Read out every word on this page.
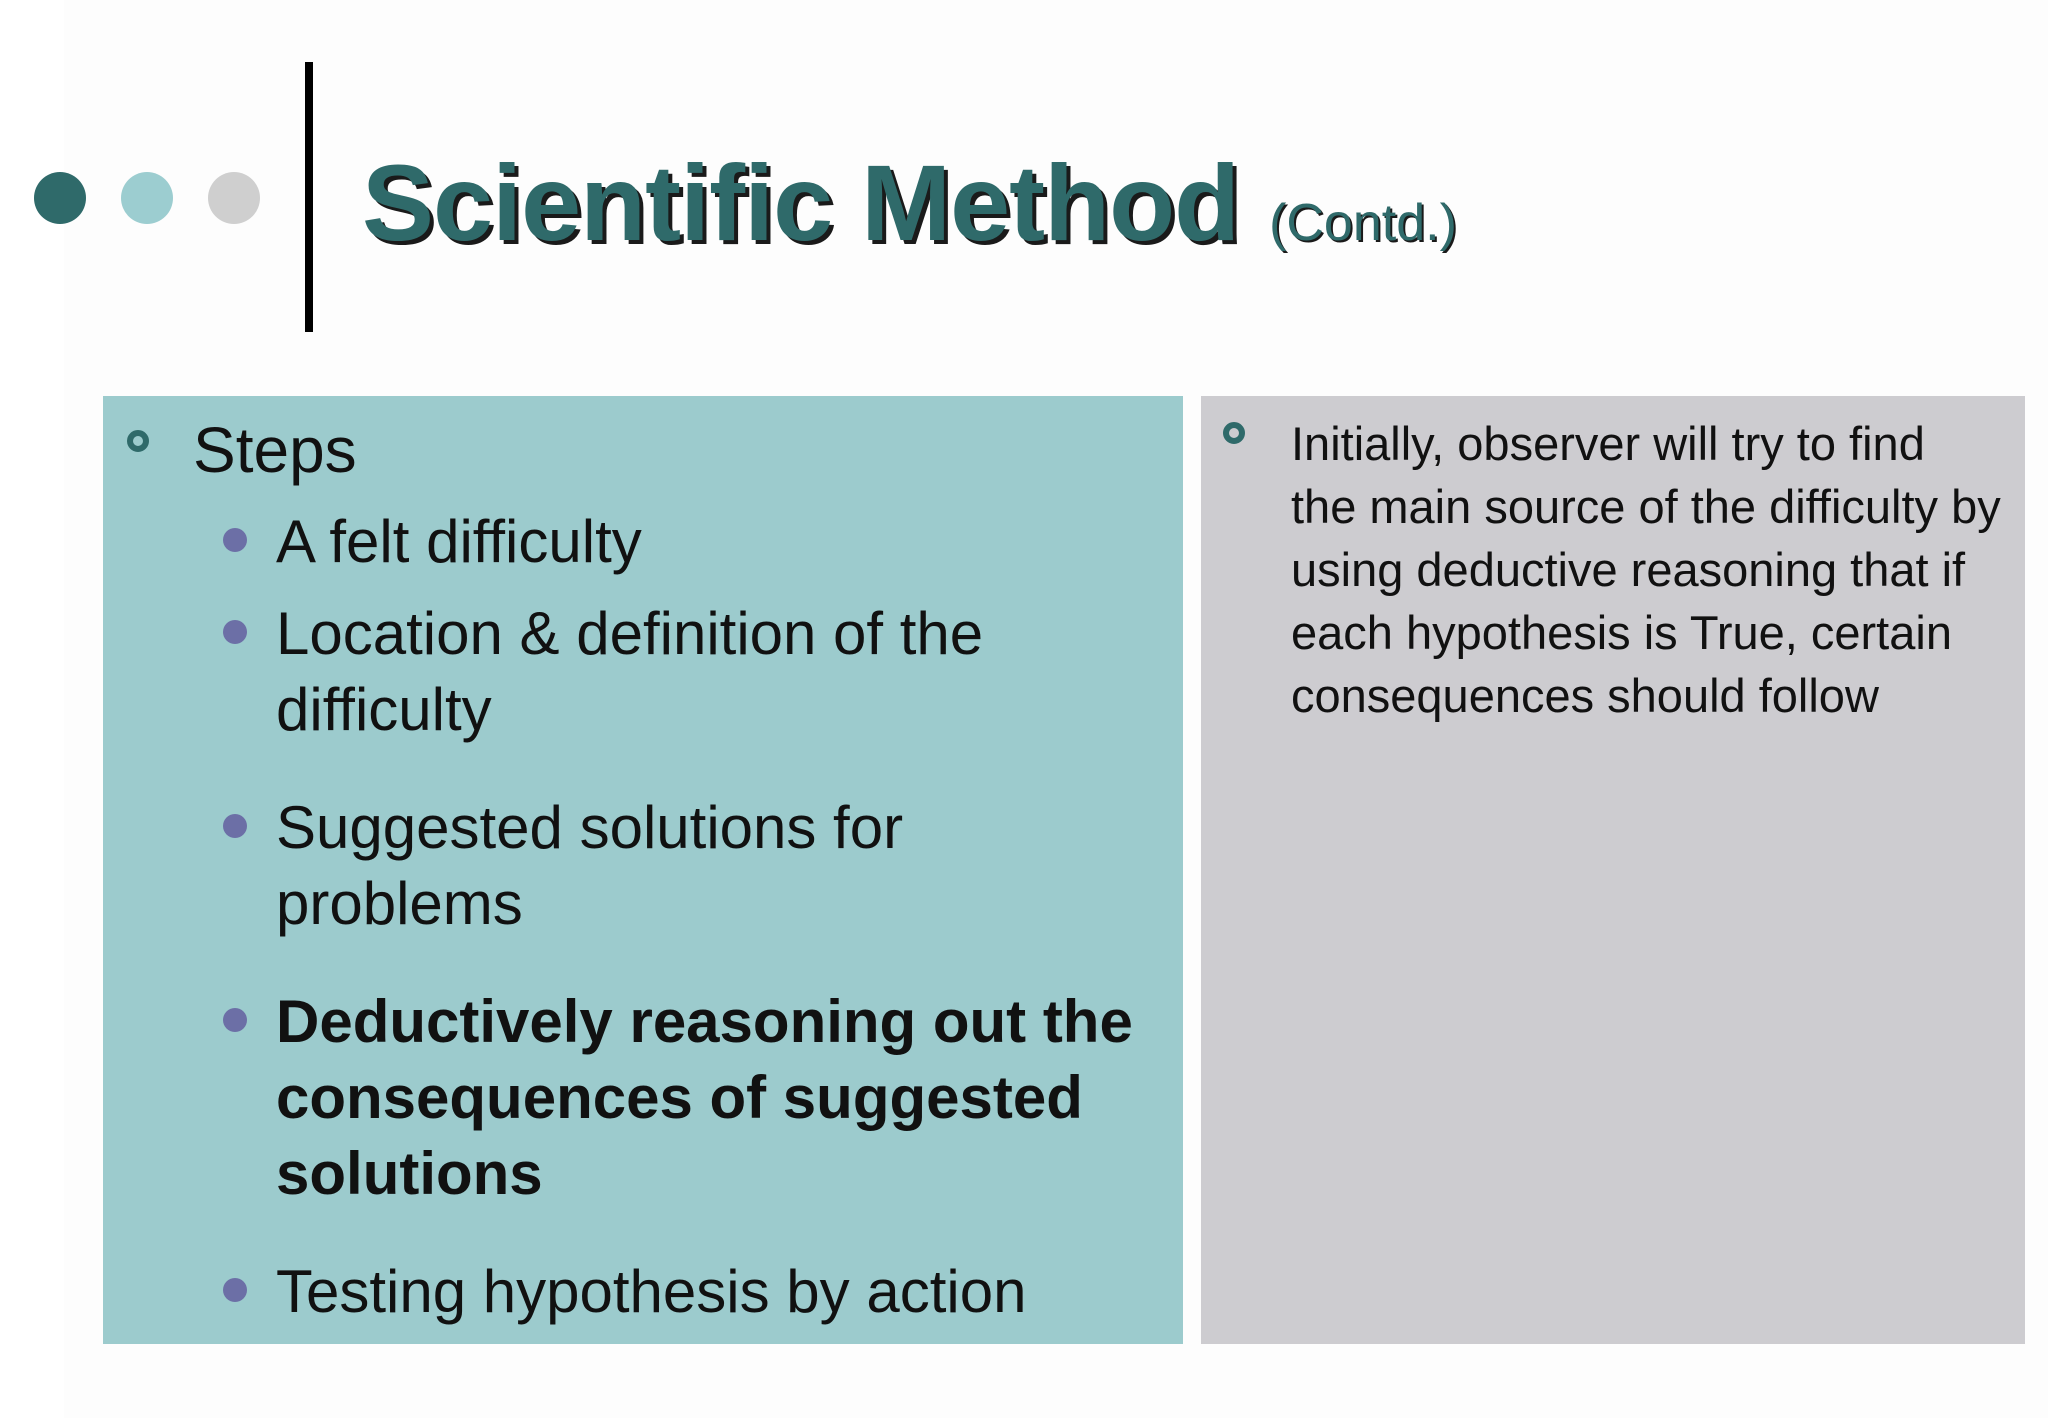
Scientific Method (Contd.)

Steps

A felt difficulty

Location & definition of the difficulty

Suggested solutions for problems

Deductively reasoning out the consequences of suggested solutions

Testing hypothesis by action

Initially, observer will try to find the main source of the difficulty by using deductive reasoning that if each hypothesis is True, certain consequences should follow
